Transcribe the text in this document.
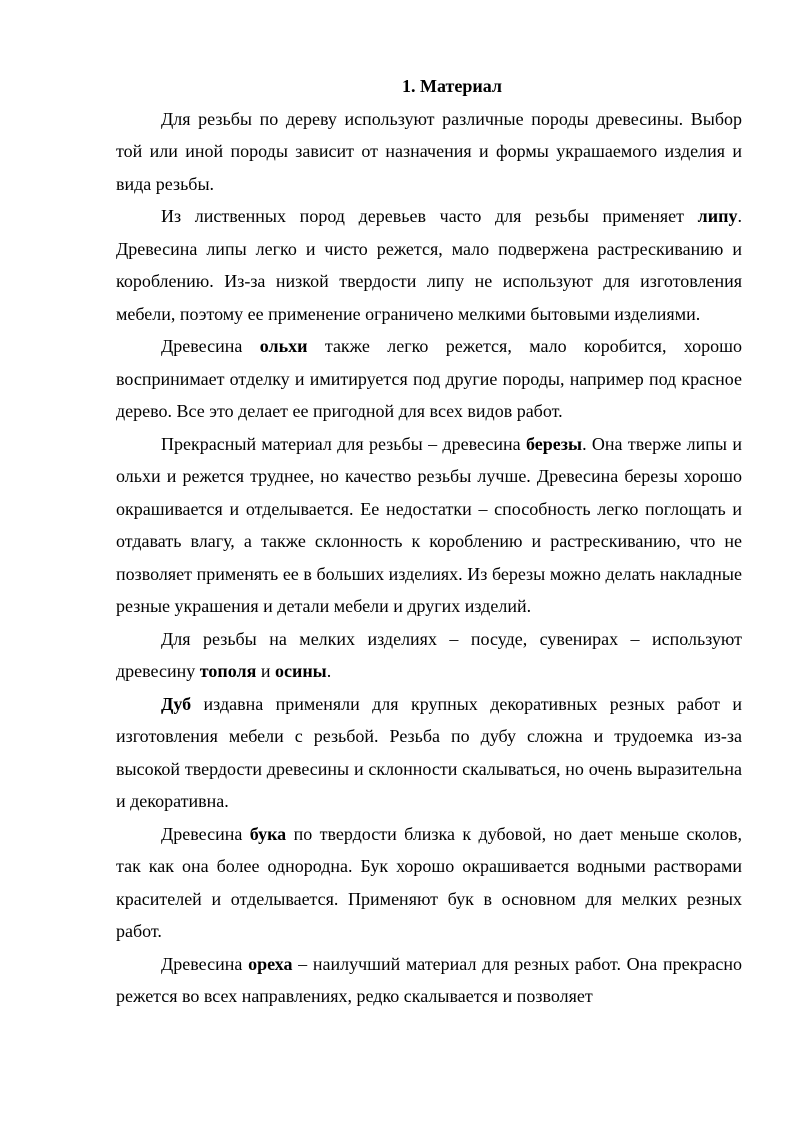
1. Материал

Для резьбы по дереву используют различные породы древесины. Выбор той или иной породы зависит от назначения и формы украшаемого изделия и вида резьбы.

Из лиственных пород деревьев часто для резьбы применяет липу. Древесина липы легко и чисто режется, мало подвержена растрескиванию и короблению. Из-за низкой твердости липу не используют для изготовления мебели, поэтому ее применение ограничено мелкими бытовыми изделиями.

Древесина ольхи также легко режется, мало коробится, хорошо воспринимает отделку и имитируется под другие породы, например под красное дерево. Все это делает ее пригодной для всех видов работ.

Прекрасный материал для резьбы – древесина березы. Она тверже липы и ольхи и режется труднее, но качество резьбы лучше. Древесина березы хорошо окрашивается и отделывается. Ее недостатки – способность легко поглощать и отдавать влагу, а также склонность к короблению и растрескиванию, что не позволяет применять ее в больших изделиях. Из березы можно делать накладные резные украшения и детали мебели и других изделий.

Для резьбы на мелких изделиях – посуде, сувенирах – используют древесину тополя и осины.

Дуб издавна применяли для крупных декоративных резных работ и изготовления мебели с резьбой. Резьба по дубу сложна и трудоемка из-за высокой твердости древесины и склонности скалываться, но очень выразительна и декоративна.

Древесина бука по твердости близка к дубовой, но дает меньше сколов, так как она более однородна. Бук хорошо окрашивается водными растворами красителей и отделывается. Применяют бук в основном для мелких резных работ.

Древесина ореха – наилучший материал для резных работ. Она прекрасно режется во всех направлениях, редко скалывается и позволяет
